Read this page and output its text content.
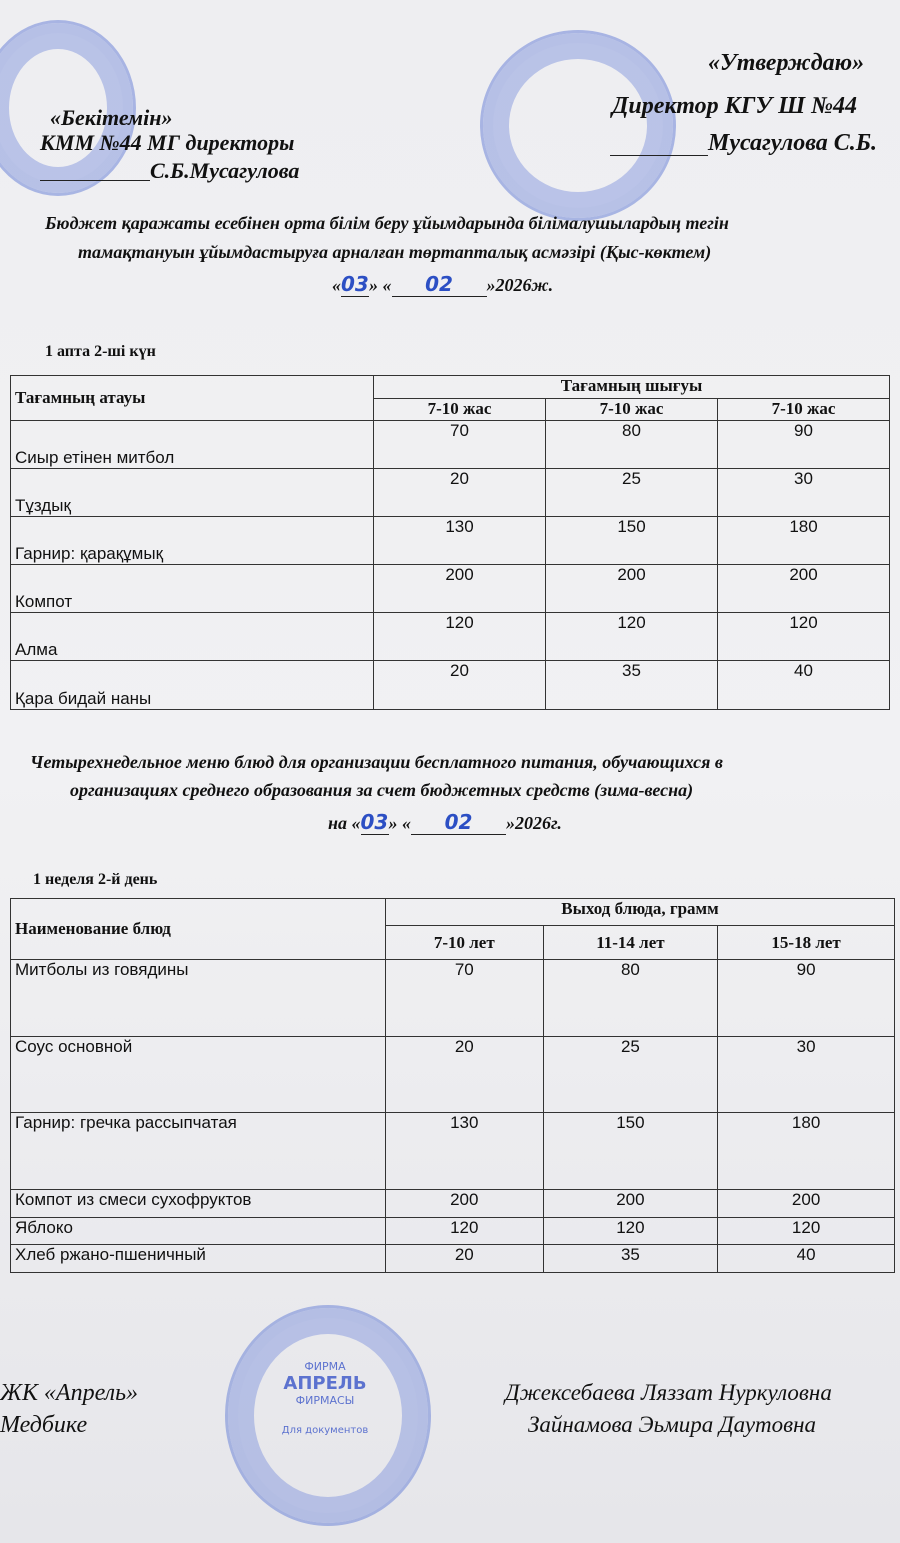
«Бекітемін»
КММ №44 МГ директоры
С.Б.Мусагулова
«Утверждаю»
Директор КГУ Ш №44
Мусагулова С.Б.
Бюджет қаражаты есебінен орта білім беру ұйымдарында білімалушылардың тегін
тамақтануын ұйымдастыруға арналған төртапталық асмәзірі (Қыс-көктем)
«03» « 02 »2026ж.
1 апта 2-ші күн
Тағамның атауы	Тағамның шығуы		
	7-10 жас	7-10 жас	7-10 жас
Сиыр етінен митбол	70	80	90
Тұздық	20	25	30
Гарнир: қарақұмық	130	150	180
Компот	200	200	200
Алма	120	120	120
Қара бидай наны	20	35	40
Четырехнедельное меню блюд для организации бесплатного питания, обучающихся в
организациях среднего образования за счет бюджетных средств (зима-весна)
на «03» « 02 »2026г.
1 неделя 2-й день
Наименование блюд	Выход блюда, грамм		
	7-10 лет	11-14 лет	15-18 лет
Митболы из говядины	70	80	90
Соус основной	20	25	30
Гарнир: гречка рассыпчатая	130	150	180
Компот из смеси сухофруктов	200	200	200
Яблоко	120	120	120
Хлеб ржано-пшеничный	20	35	40
ФИРМА
АПРЕЛЬ
ФИРМАСЫ
Для документов
ЖК «Апрель»
Медбике
Джексебаева Ляззат Нуркуловна
Зайнамова Эьмира Даутовна
